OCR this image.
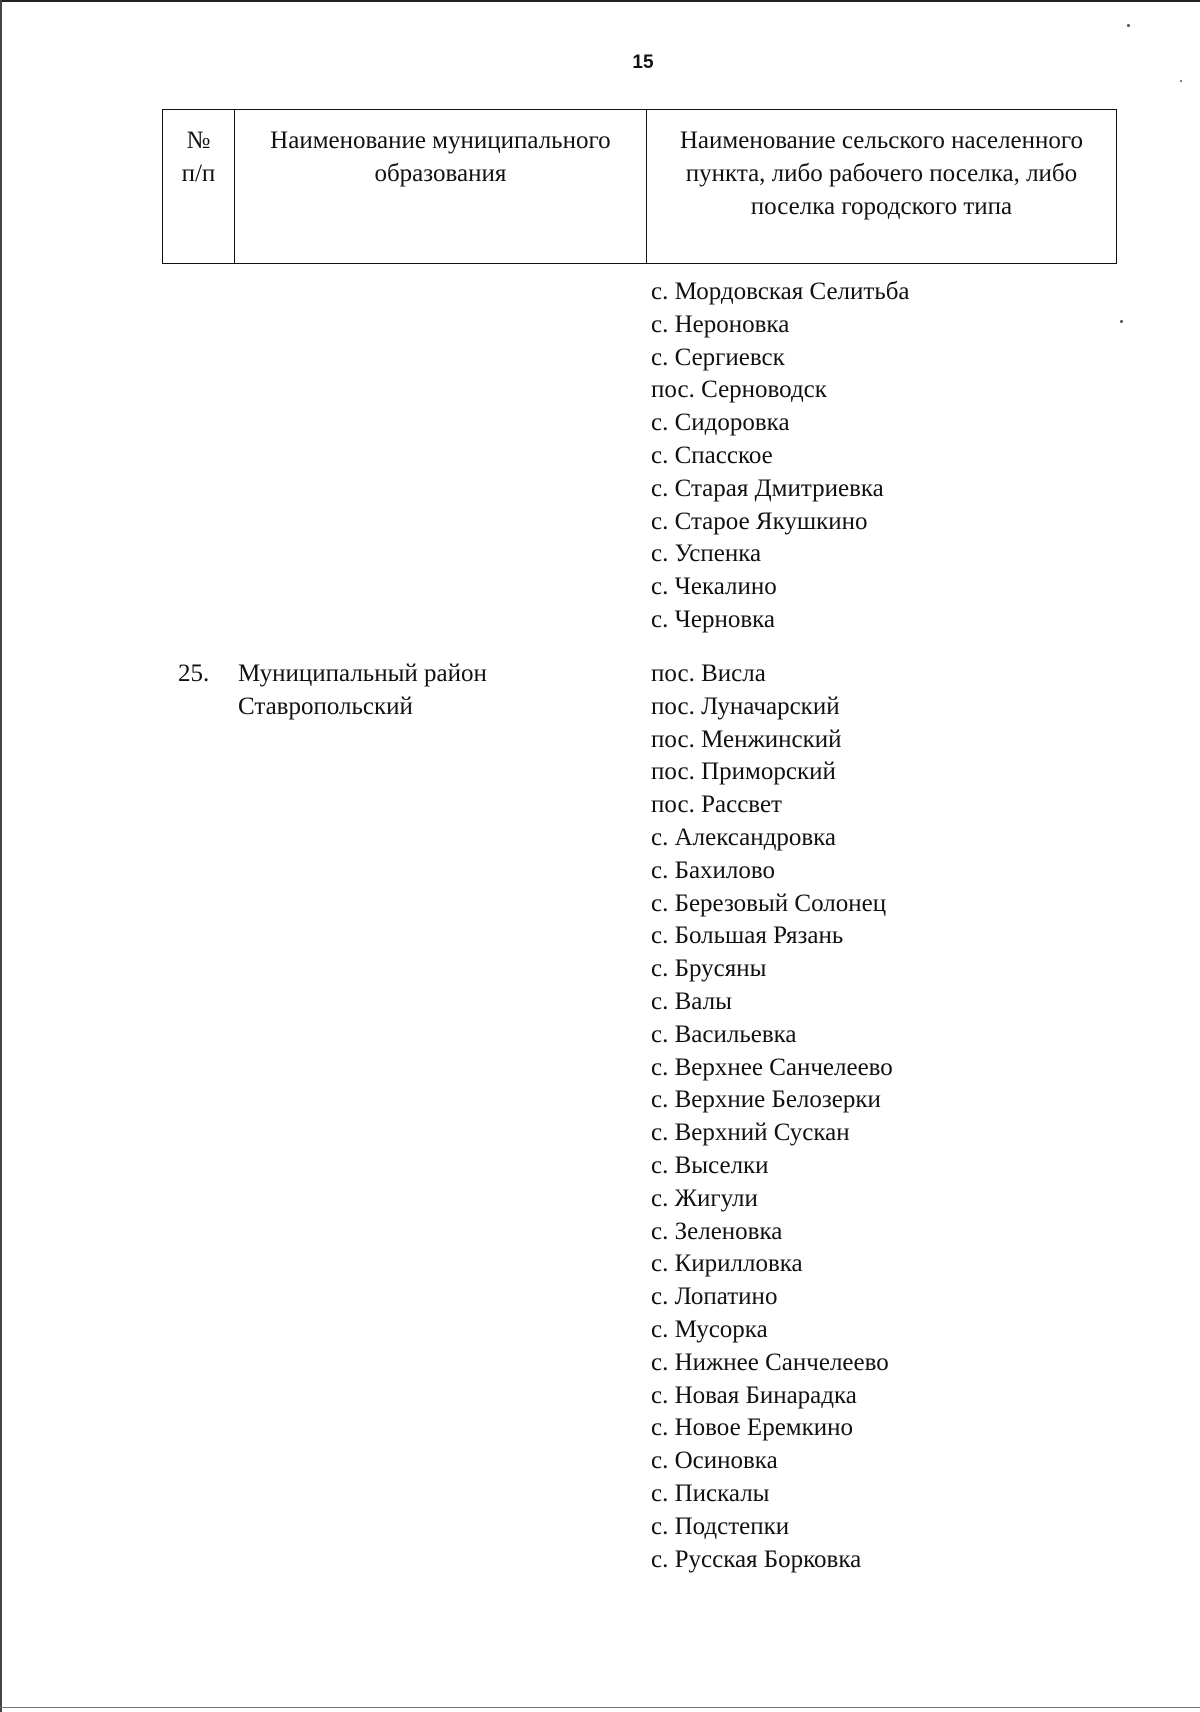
15
№
п/п
Наименование муниципального
образования
Наименование сельского населенного пункта, либо рабочего поселка, либо поселка городского типа
с. Мордовская Селитьба
с. Нероновка
с. Сергиевск
пос. Серноводск
с. Сидоровка
с. Спасское
с. Старая Дмитриевка
с. Старое Якушкино
с. Успенка
с. Чекалино
с. Черновка
25. Муниципальный район
Ставропольский
пос. Висла
пос. Луначарский
пос. Менжинский
пос. Приморский
пос. Рассвет
с. Александровка
с. Бахилово
с. Березовый Солонец
с. Большая Рязань
с. Брусяны
с. Валы
с. Васильевка
с. Верхнее Санчелеево
с. Верхние Белозерки
с. Верхний Сускан
с. Выселки
с. Жигули
с. Зеленовка
с. Кирилловка
с. Лопатино
с. Мусорка
с. Нижнее Санчелеево
с. Новая Бинарадка
с. Новое Еремкино
с. Осиновка
с. Пискалы
с. Подстепки
с. Русская Борковка
